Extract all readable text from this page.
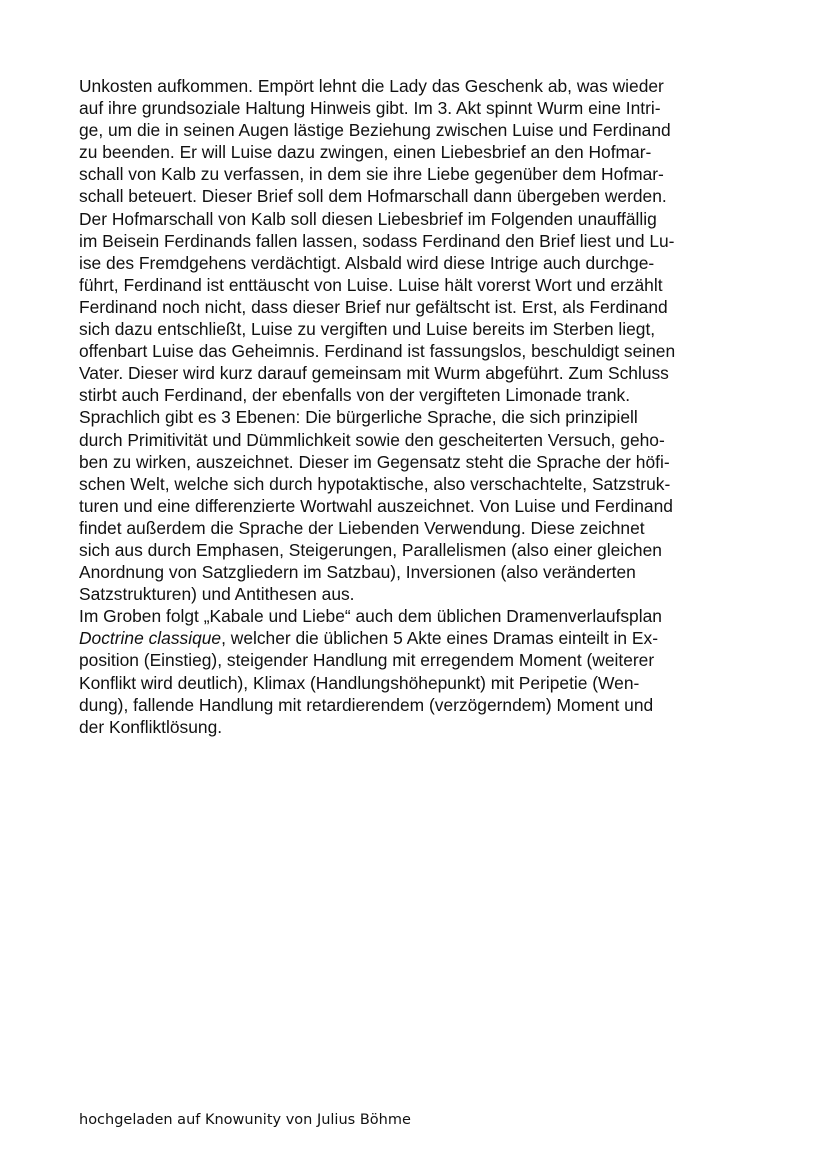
Unkosten aufkommen. Empört lehnt die Lady das Geschenk ab, was wieder
auf ihre grundsoziale Haltung Hinweis gibt. Im 3. Akt spinnt Wurm eine Intri-
ge, um die in seinen Augen lästige Beziehung zwischen Luise und Ferdinand
zu beenden. Er will Luise dazu zwingen, einen Liebesbrief an den Hofmar-
schall von Kalb zu verfassen, in dem sie ihre Liebe gegenüber dem Hofmar-
schall beteuert. Dieser Brief soll dem Hofmarschall dann übergeben werden.
Der Hofmarschall von Kalb soll diesen Liebesbrief im Folgenden unauffällig
im Beisein Ferdinands fallen lassen, sodass Ferdinand den Brief liest und Lu-
ise des Fremdgehens verdächtigt. Alsbald wird diese Intrige auch durchge-
führt, Ferdinand ist enttäuscht von Luise. Luise hält vorerst Wort und erzählt
Ferdinand noch nicht, dass dieser Brief nur gefältscht ist. Erst, als Ferdinand
sich dazu entschließt, Luise zu vergiften und Luise bereits im Sterben liegt,
offenbart Luise das Geheimnis. Ferdinand ist fassungslos, beschuldigt seinen
Vater. Dieser wird kurz darauf gemeinsam mit Wurm abgeführt. Zum Schluss
stirbt auch Ferdinand, der ebenfalls von der vergifteten Limonade trank.
Sprachlich gibt es 3 Ebenen: Die bürgerliche Sprache, die sich prinzipiell
durch Primitivität und Dümmlichkeit sowie den gescheiterten Versuch, geho-
ben zu wirken, auszeichnet. Dieser im Gegensatz steht die Sprache der höfi-
schen Welt, welche sich durch hypotaktische, also verschachtelte, Satzstruk-
turen und eine differenzierte Wortwahl auszeichnet. Von Luise und Ferdinand
findet außerdem die Sprache der Liebenden Verwendung. Diese zeichnet
sich aus durch Emphasen, Steigerungen, Parallelismen (also einer gleichen
Anordnung von Satzgliedern im Satzbau), Inversionen (also veränderten
Satzstrukturen) und Antithesen aus.
Im Groben folgt „Kabale und Liebe“ auch dem üblichen Dramenverlaufsplan
Doctrine classique, welcher die üblichen 5 Akte eines Dramas einteilt in Ex-
position (Einstieg), steigender Handlung mit erregendem Moment (weiterer
Konflikt wird deutlich), Klimax (Handlungshöhepunkt) mit Peripetie (Wen-
dung), fallende Handlung mit retardierendem (verzögerndem) Moment und
der Konfliktlösung.
hochgeladen auf Knowunity von Julius Böhme
